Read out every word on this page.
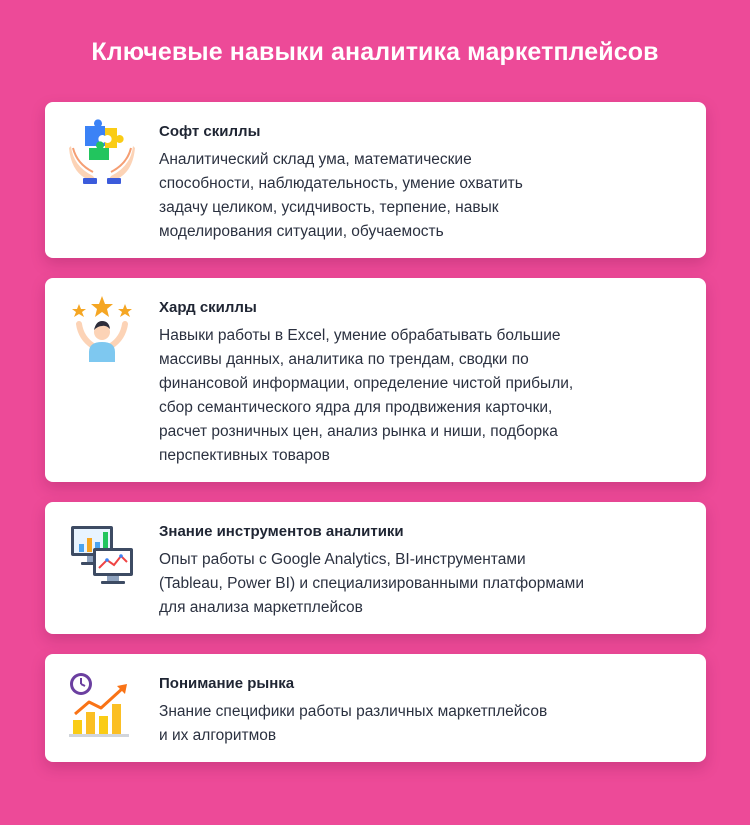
Ключевые навыки аналитика маркетплейсов
Софт скиллы
Аналитический склад ума, математические
способности, наблюдательность, умение охватить
задачу целиком, усидчивость, терпение, навык
моделирования ситуации, обучаемость
Хард скиллы
Навыки работы в Excel, умение обрабатывать большие
массивы данных, аналитика по трендам, сводки по
финансовой информации, определение чистой прибыли,
сбор семантического ядра для продвижения карточки,
расчет розничных цен, анализ рынка и ниши, подборка
перспективных товаров
Знание инструментов аналитики
Опыт работы с Google Analytics, BI-инструментами
(Tableau, Power BI) и специализированными платформами
для анализа маркетплейсов
Понимание рынка
Знание специфики работы различных маркетплейсов
и их алгоритмов
